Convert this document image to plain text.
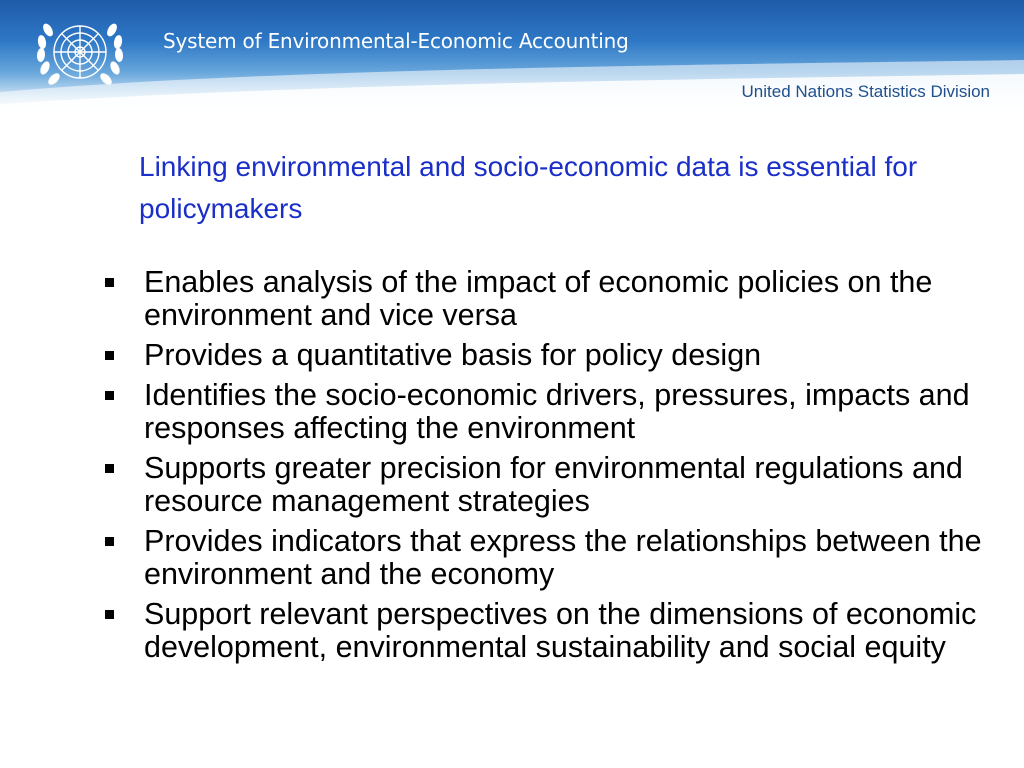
System of Environmental-Economic Accounting
United Nations Statistics Division
Linking environmental and socio-economic data is essential for policymakers
Enables analysis of the impact of economic policies on the environment and vice versa
Provides a quantitative basis for policy design
Identifies the socio-economic drivers, pressures, impacts and responses affecting the environment
Supports greater precision for environmental regulations and resource management strategies
Provides indicators that express the relationships between the environment and the economy
Support relevant perspectives on the dimensions of economic development, environmental sustainability and social equity
